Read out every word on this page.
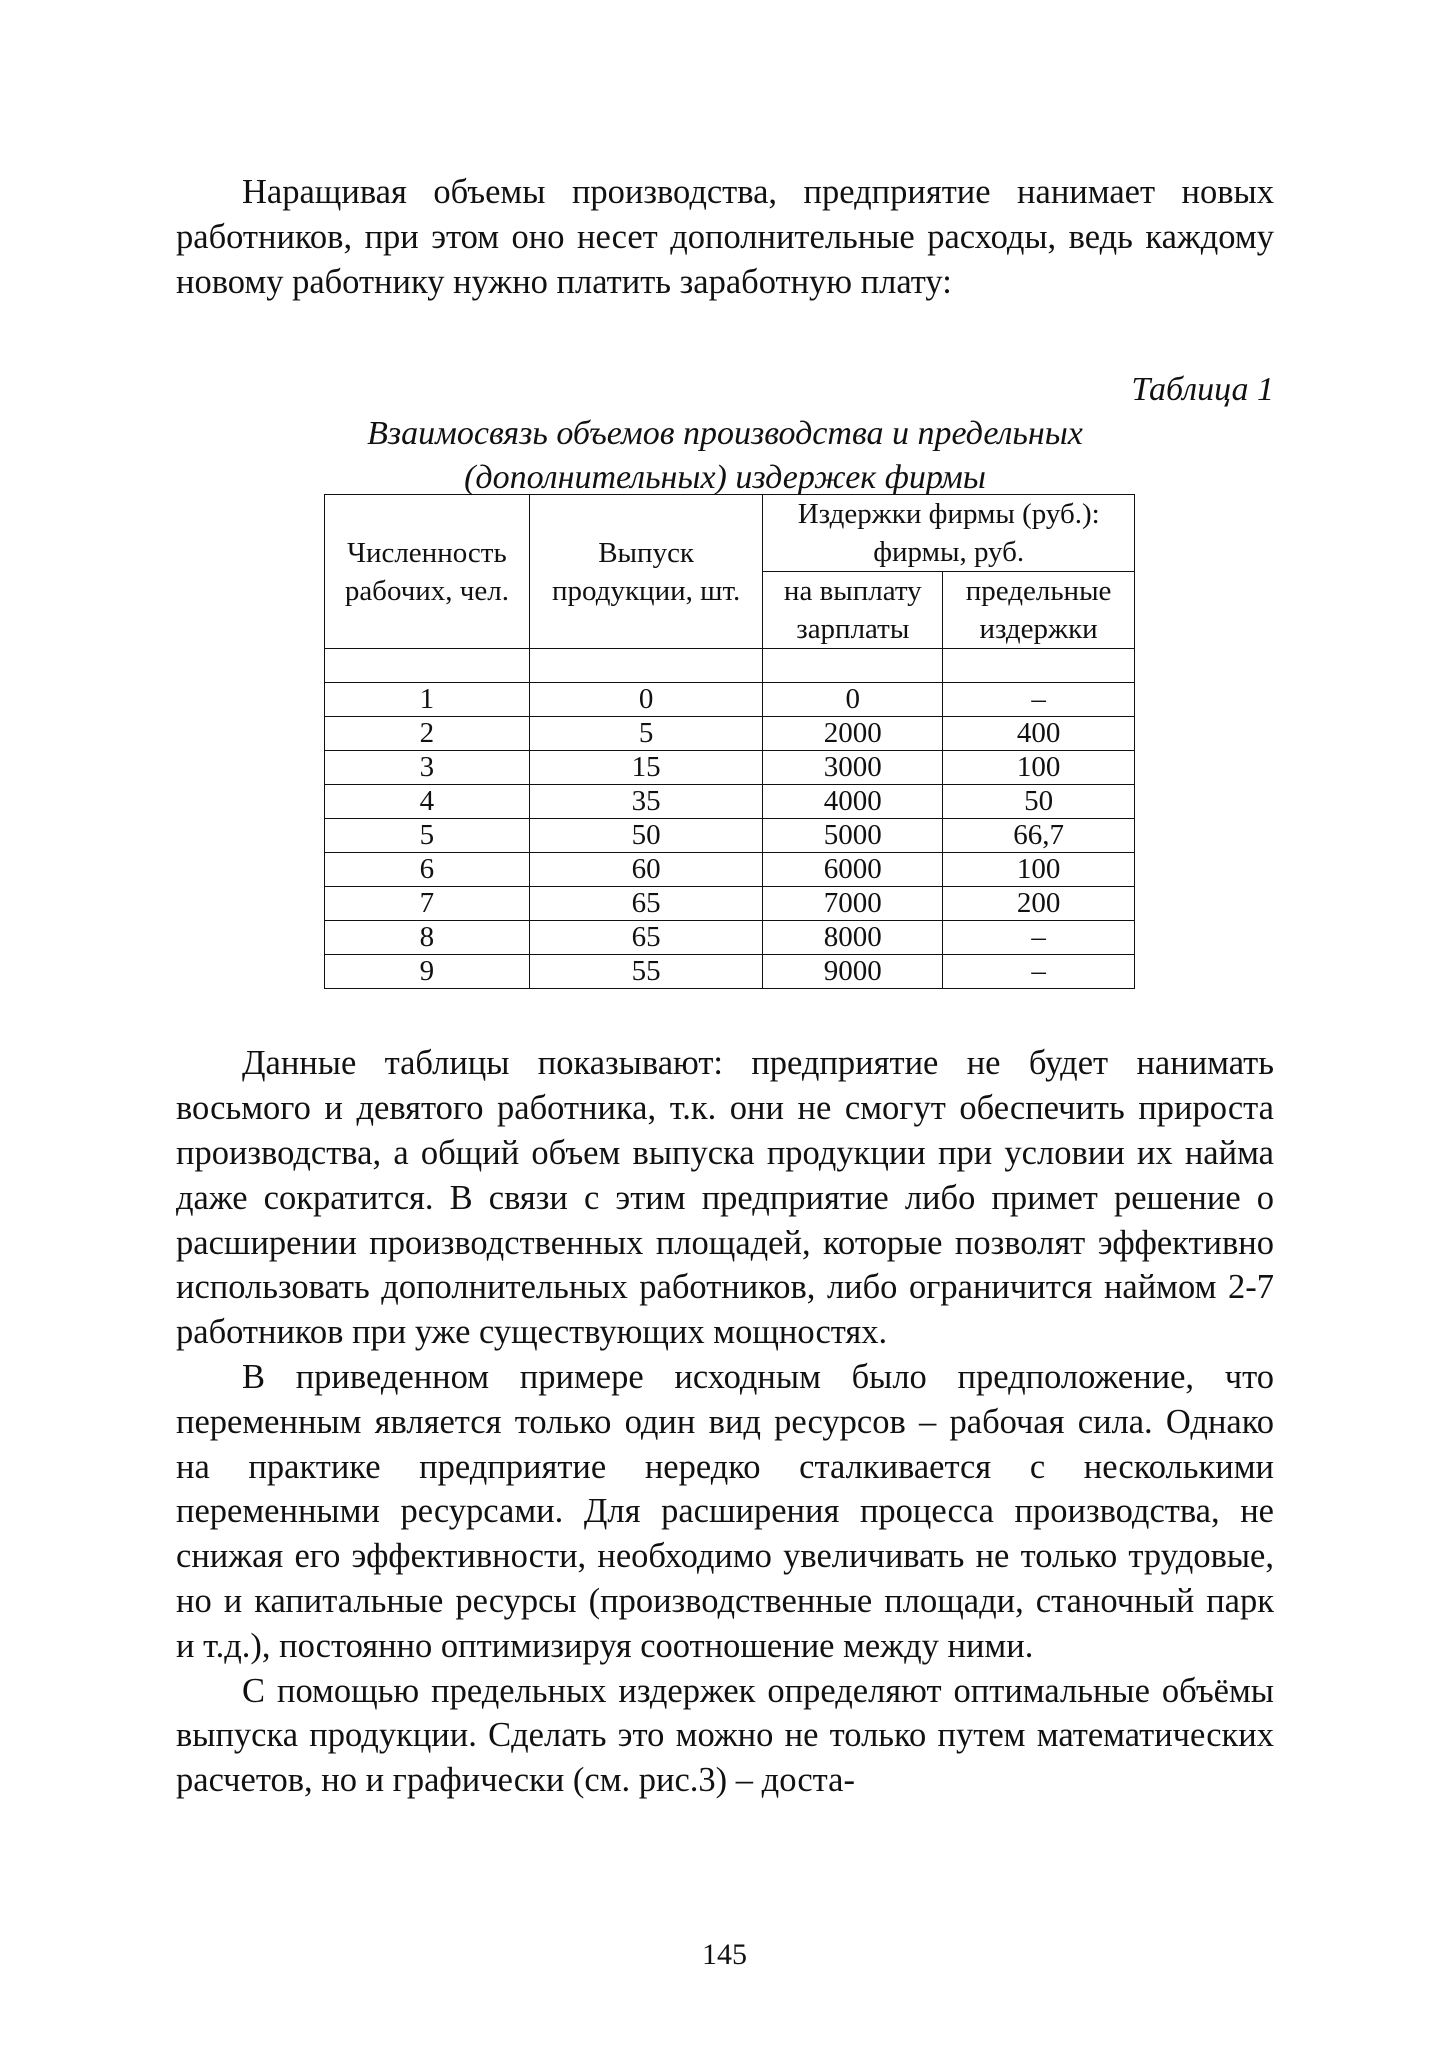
Наращивая объемы производства, предприятие нанимает новых работников, при этом оно несет дополнительные расходы, ведь каждому новому работнику нужно платить заработную плату:

Таблица 1
Взаимосвязь объемов производства и предельных
(дополнительных) издержек фирмы
Численность рабочих, чел.	Выпуск продукции, шт.	Издержки фирмы (руб.): фирмы, руб.	
		на выплату зарплаты	предельные издержки

1	0	0	–
2	5	2000	400
3	15	3000	100
4	35	4000	50
5	50	5000	66,7
6	60	6000	100
7	65	7000	200
8	65	8000	–
9	55	9000	–

Данные таблицы показывают: предприятие не будет нанимать восьмого и девятого работника, т.к. они не смогут обеспечить прироста производства, а общий объем выпуска продукции при условии их найма даже сократится. В связи с этим предприятие либо примет решение о расширении производственных площадей, которые позволят эффективно использовать дополнительных работников, либо ограничится наймом 2-7 работников при уже существующих мощностях.

В приведенном примере исходным было предположение, что переменным является только один вид ресурсов – рабочая сила. Однако на практике предприятие нередко сталкивается с несколькими переменными ресурсами. Для расширения процесса производства, не снижая его эффективности, необходимо увеличивать не только трудовые, но и капитальные ресурсы (производственные площади, станочный парк и т.д.), постоянно оптимизируя соотношение между ними.

С помощью предельных издержек определяют оптимальные объёмы выпуска продукции. Сделать это можно не только путем математических расчетов, но и графически (см. рис.3) – доста-

145
